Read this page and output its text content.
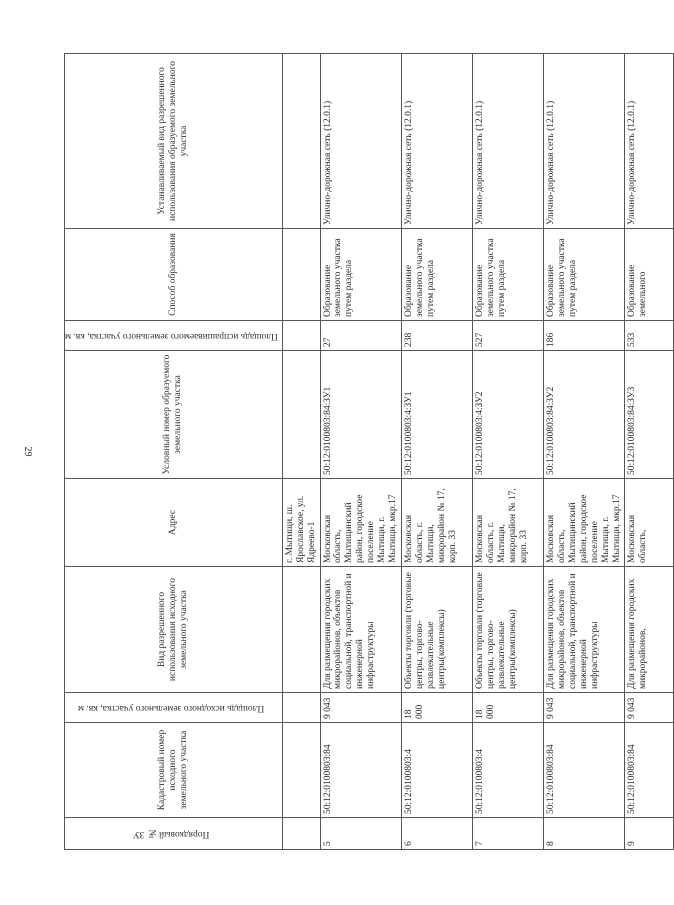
29
Порядковый № ЗУ	Кадастровый номер исходного земельного участка	Площадь исходного земельного участка, кв. м	Вид разрешенного использования исходного земельного участка	Адрес	Условный номер образуемого земельного участка	Площадь испрашиваемого земельного участка, кв. м	Способ образования	Устанавливаемый вид разрешенного использования образуемого земельного участка
				г. Мытищи, ш. Ярославское, ул. Ядреево-1				
5	50:12:0100803:84	9 043	Для размещения городских микрорайонов, объектов социальной, транспортной и инженерной инфраструктуры	Московская область, Мытищинский район, городское поселение Мытищи, г. Мытищи, мкр.17	50:12:0100803:84:ЗУ1	27	Образование земельного участка путем раздела	Улично-дорожная сеть (12.0.1)
6	50:12:0100803:4	18 000	Объекты торговли (торговые центры, торгово-развлекательные центры(комплексы)	Московская область, г. Мытищи, микрорайон № 17, корп. 33	50:12:0100803:4:ЗУ1	238	Образование земельного участка путем раздела	Улично-дорожная сеть (12.0.1)
7	50:12:0100803:4	18 000	Объекты торговли (торговые центры, торгово-развлекательные центры(комплексы)	Московская область, г. Мытищи, микрорайон № 17, корп. 33	50:12:0100803:4:ЗУ2	527	Образование земельного участка путем раздела	Улично-дорожная сеть (12.0.1)
8	50:12:0100803:84	9 043	Для размещения городских микрорайонов, объектов социальной, транспортной и инженерной инфраструктуры	Московская область, Мытищинский район, городское поселение Мытищи, г. Мытищи, мкр.17	50:12:0100803:84:ЗУ2	186	Образование земельного участка путем раздела	Улично-дорожная сеть (12.0.1)
9	50:12:0100803:84	9 043	Для размещения городских микрорайонов,	Московская область,	50:12:0100803:84:ЗУ3	533	Образование земельного	Улично-дорожная сеть (12.0.1)
